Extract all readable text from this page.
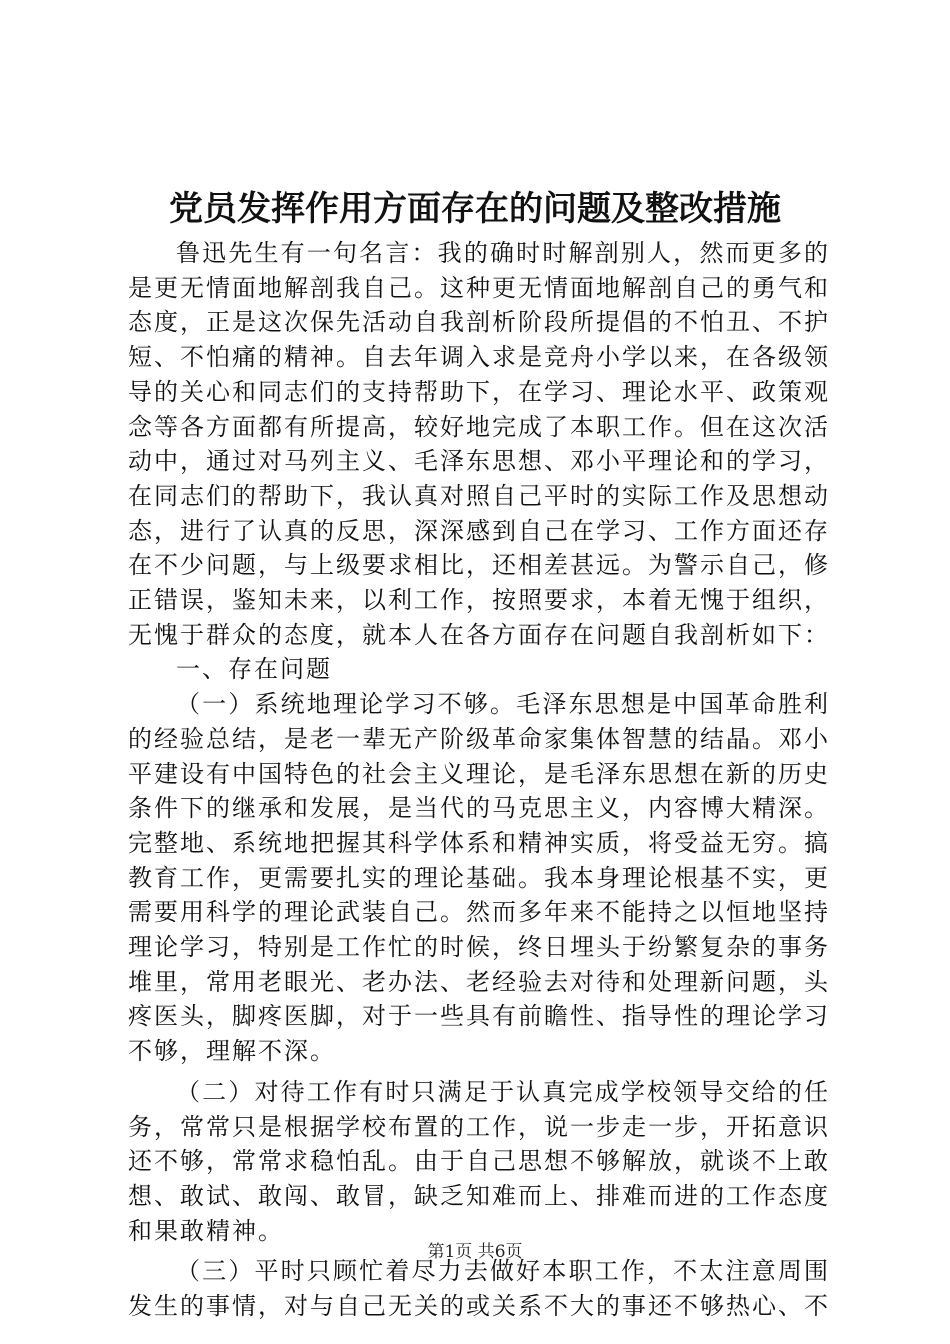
党员发挥作用方面存在的问题及整改措施

鲁迅先生有一句名言：我的确时时解剖别人，然而更多的是更无情面地解剖我自己。这种更无情面地解剖自己的勇气和态度，正是这次保先活动自我剖析阶段所提倡的不怕丑、不护短、不怕痛的精神。自去年调入求是竞舟小学以来，在各级领导的关心和同志们的支持帮助下，在学习、理论水平、政策观念等各方面都有所提高，较好地完成了本职工作。但在这次活动中，通过对马列主义、毛泽东思想、邓小平理论和的学习，在同志们的帮助下，我认真对照自己平时的实际工作及思想动态，进行了认真的反思，深深感到自己在学习、工作方面还存在不少问题，与上级要求相比，还相差甚远。为警示自己，修正错误，鉴知未来，以利工作，按照要求，本着无愧于组织，无愧于群众的态度，就本人在各方面存在问题自我剖析如下：

一、存在问题

（一）系统地理论学习不够。毛泽东思想是中国革命胜利的经验总结，是老一辈无产阶级革命家集体智慧的结晶。邓小平建设有中国特色的社会主义理论，是毛泽东思想在新的历史条件下的继承和发展，是当代的马克思主义，内容博大精深。完整地、系统地把握其科学体系和精神实质，将受益无穷。搞教育工作，更需要扎实的理论基础。我本身理论根基不实，更需要用科学的理论武装自己。然而多年来不能持之以恒地坚持理论学习，特别是工作忙的时候，终日埋头于纷繁复杂的事务堆里，常用老眼光、老办法、老经验去对待和处理新问题，头疼医头，脚疼医脚，对于一些具有前瞻性、指导性的理论学习不够，理解不深。

（二）对待工作有时只满足于认真完成学校领导交给的任务，常常只是根据学校布置的工作，说一步走一步，开拓意识还不够，常常求稳怕乱。由于自己思想不够解放，就谈不上敢想、敢试、敢闯、敢冒，缺乏知难而上、排难而进的工作态度和果敢精神。

（三）平时只顾忙着尽力去做好本职工作，不太注意周围发生的事情，对与自己无关的或关系不大的事还不够热心、不

第1页 共6页
